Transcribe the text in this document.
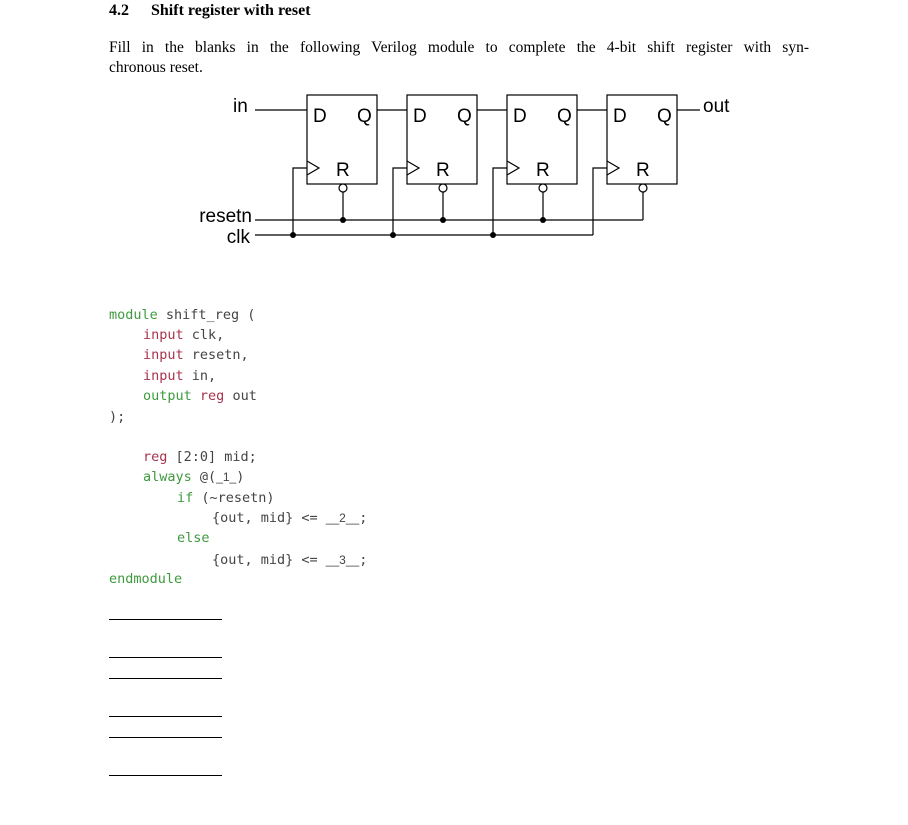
4.2 Shift register with reset
Fill in the blanks in the following Verilog module to complete the 4-bit shift register with syn-
chronous reset.
in	out
resetn
clk
D Q
R
D Q
R
D Q
R
D Q
R
module shift_reg (
input clk,
input resetn,
input in,
output reg out
);
reg [2:0] mid;
always @(_1_)
if (~resetn)
{out, mid} <= __2__;
else
{out, mid} <= __3__;
endmodule
